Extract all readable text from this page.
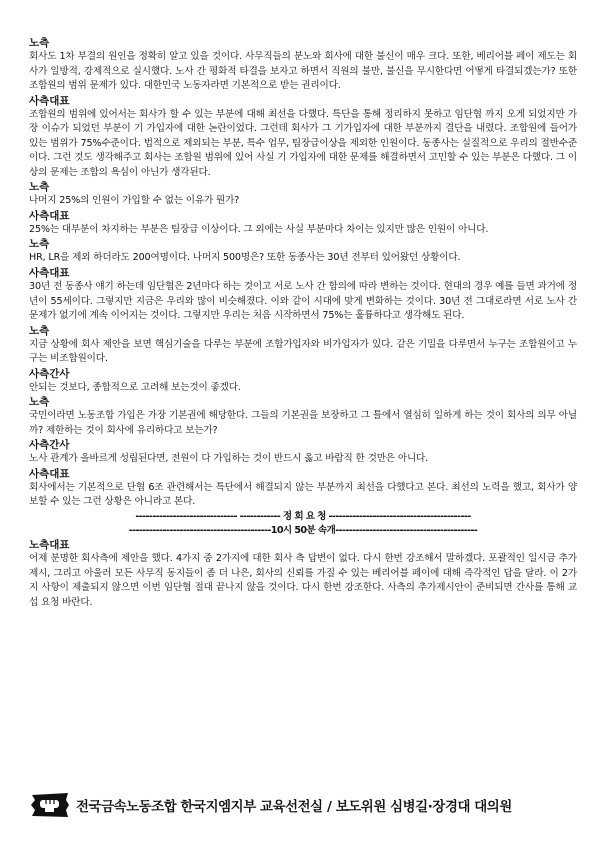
노측

회사도 1차 부결의 원인을 정확히 알고 있을 것이다. 사무직들의 분노와 회사에 대한 불신이 매우 크다. 또한, 베리어블 페이 제도는 회사가 일방적, 강제적으로 실시했다. 노사 간 평화적 타결을 보자고 하면서 직원의 불만, 불신을 무시한다면 어떻게 타결되겠는가? 또한 조합원의 범위 문제가 있다. 대한민국 노동자라면 기본적으로 받는 권리이다.

사측대표

조합원의 범위에 있어서는 회사가 할 수 있는 부분에 대해 최선을 다했다. 특단을 통해 정리하지 못하고 임단협 까지 오게 되었지만 가장 이슈가 되었던 부분이 기 가입자에 대한 논란이었다. 그런데 회사가 그 기가입자에 대한 부분까지 결단을 내렸다. 조합원에 들어가 있는 범위가 75%수준이다. 법적으로 제외되는 부분, 특수 업무, 팀장급이상을 제외한 인원이다. 동종사는 실질적으로 우리의 절반수준이다. 그런 것도 생각해주고 회사는 조합원 범위에 있어 사실 기 가입자에 대한 문제를 해결하면서 고민할 수 있는 부분은 다했다. 그 이상의 문제는 조합의 욕심이 아닌가 생각된다.

노측

나머지 25%의 인원이 가입할 수 없는 이유가 뭔가?

사측대표

25%는 대부분이 차지하는 부분은 팀장급 이상이다. 그 외에는 사실 부분마다 차이는 있지만 많은 인원이 아니다.

노측

HR, LR을 제외 하더라도 200여명이다. 나머지 500명은? 또한 동종사는 30년 전부터 있어왔던 상황이다.

사측대표

30년 전 동종사 얘기 하는데 임단협은 2년마다 하는 것이고 서로 노사 간 합의에 따라 변하는 것이다. 현대의 경우 예를 들면 과거에 정년이 55세이다. 그렇지만 지금은 우리와 많이 비슷해졌다. 이와 같이 시대에 맞게 변화하는 것이다. 30년 전 그대로라면 서로 노사 간 문제가 없기에 계속 이어지는 것이다. 그렇지만 우리는 처음 시작하면서 75%는 훌륭하다고 생각해도 된다.

노측

지금 상황에 회사 제안을 보면 핵심기술을 다루는 부분에 조합가입자와 비가입자가 있다. 같은 기밀을 다루면서 누구는 조합원이고 누구는 비조합원이다.

사측간사

안되는 것보다, 종합적으로 고려해 보는것이 좋겠다.

노측

국민이라면 노동조합 가입은 가장 기본권에 해당한다. 그들의 기본권을 보장하고 그 틀에서 열심히 일하게 하는 것이 회사의 의무 아닐까? 제한하는 것이 회사에 유리하다고 보는가?

사측간사

노사 관계가 올바르게 성립된다면, 전원이 다 가입하는 것이 반드시 옳고 바람직 한 것만은 아니다.

사측대표

회사에서는 기본적으로 단협 6조 관련해서는 특단에서 해결되지 않는 부분까지 최선을 다했다고 본다. 최선의 노력을 했고, 회사가 양보할 수 있는 그런 상황은 아니라고 본다.

------------------------------ ------------ 정 회 요 청 ------------------------------------------

------------------------------------------10시 50분 속개------------------------------------------

노측대표

어제 분명한 회사측에 제안을 했다. 4가지 중 2가지에 대한 회사 측 답변이 없다. 다시 한번 강조해서 말하겠다. 포괄적인 일시금 추가제시, 그리고 아울러 모든 사무직 동지들이 좀 더 나은, 회사의 신뢰를 가질 수 있는 베리어블 페이에 대해 즉각적인 답을 달라. 이 2가지 사항이 제출되지 않으면 이번 임단협 절대 끝나지 않을 것이다. 다시 한번 강조한다. 사측의 추가제시안이 준비되면 간사를 통해 교섭 요청 바란다.

전국금속노동조합 한국지엠지부 교육선전실 / 보도위원 심병길·장경대 대의원
